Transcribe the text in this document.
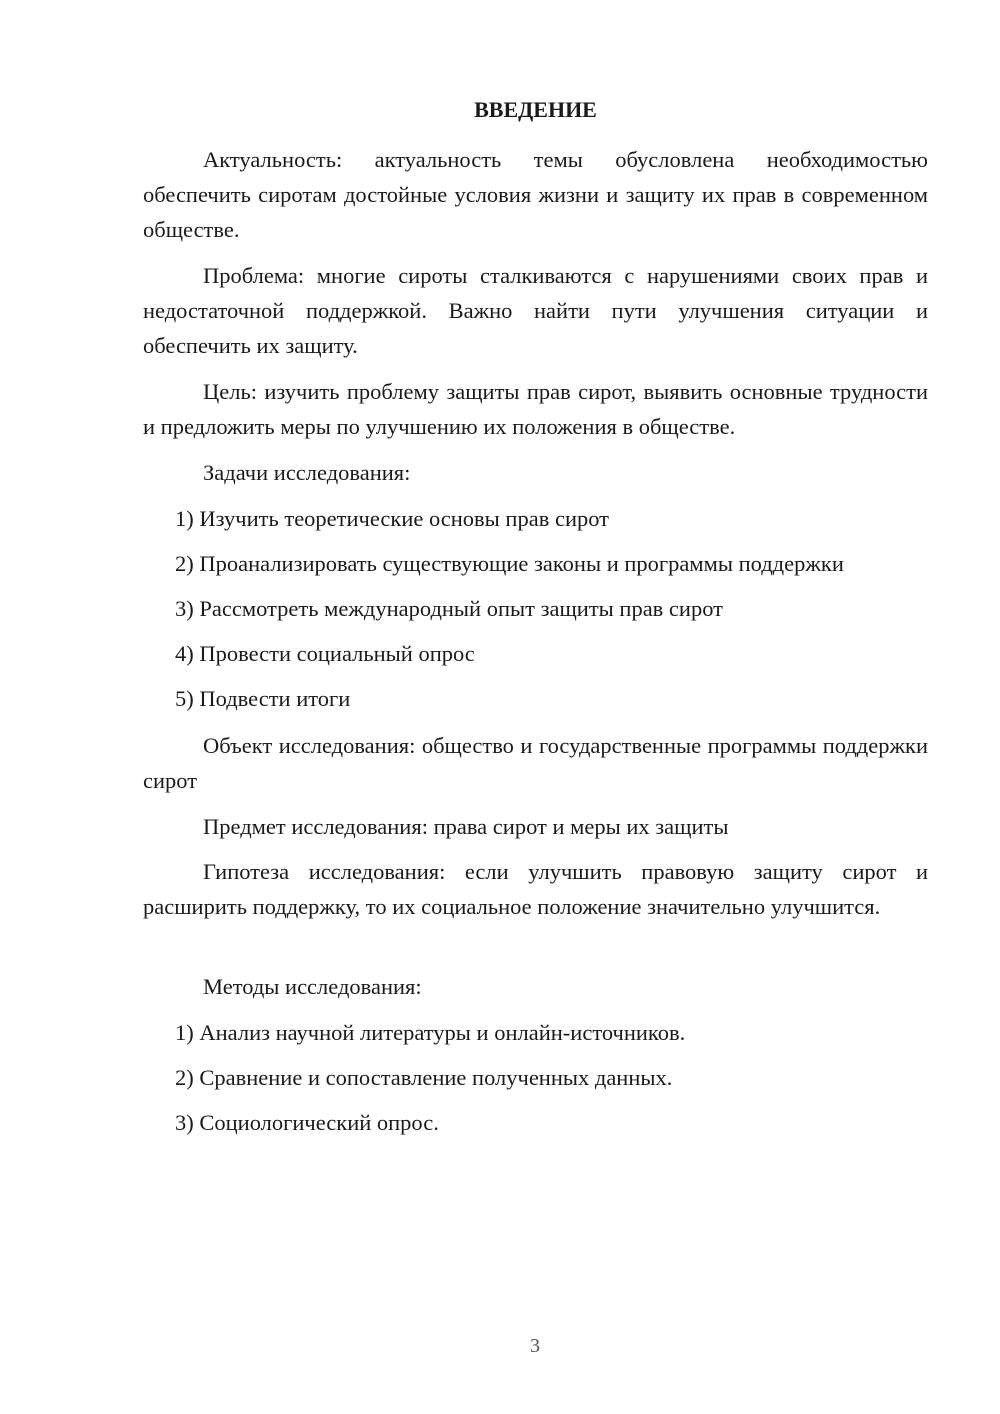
ВВЕДЕНИЕ

Актуальность: актуальность темы обусловлена необходимостью обеспечить сиротам достойные условия жизни и защиту их прав в современном обществе.

Проблема: многие сироты сталкиваются с нарушениями своих прав и недостаточной поддержкой. Важно найти пути улучшения ситуации и обеспечить их защиту.

Цель: изучить проблему защиты прав сирот, выявить основные трудности и предложить меры по улучшению их положения в обществе.

Задачи исследования:

1) Изучить теоретические основы прав сирот

2) Проанализировать существующие законы и программы поддержки

3) Рассмотреть международный опыт защиты прав сирот

4) Провести социальный опрос

5) Подвести итоги

Объект исследования: общество и государственные программы поддержки сирот

Предмет исследования: права сирот и меры их защиты

Гипотеза исследования: если улучшить правовую защиту сирот и расширить поддержку, то их социальное положение значительно улучшится.

Методы исследования:

1) Анализ научной литературы и онлайн-источников.

2) Сравнение и сопоставление полученных данных.

3) Социологический опрос.

3
